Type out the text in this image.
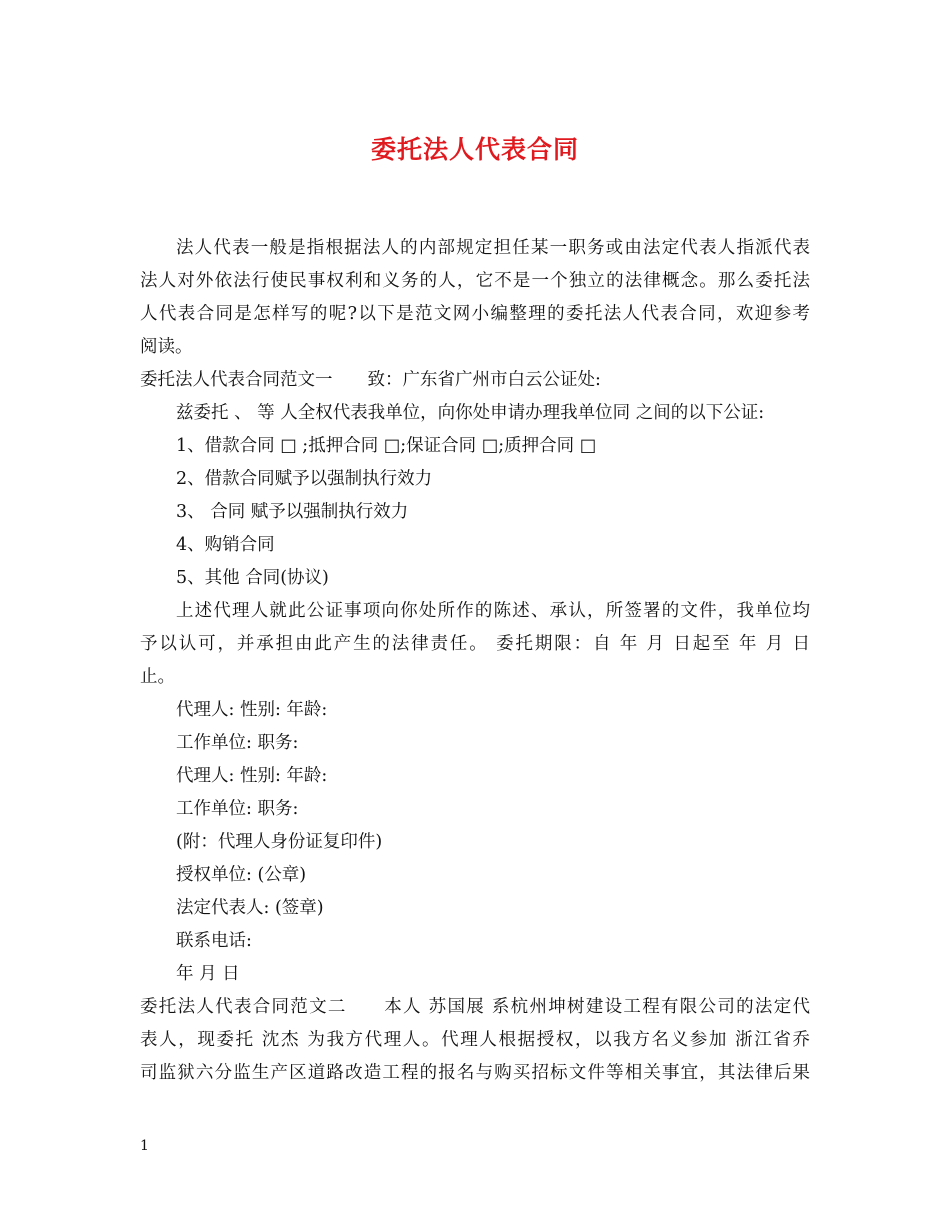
委托法人代表合同
法人代表一般是指根据法人的内部规定担任某一职务或由法定代表人指派代表
法人对外依法行使民事权利和义务的人，它不是一个独立的法律概念。那么委托法
人代表合同是怎样写的呢?以下是范文网小编整理的委托法人代表合同，欢迎参考
阅读。
委托法人代表合同范文一　　致：广东省广州市白云公证处:
兹委托 、 等 人全权代表我单位，向你处申请办理我单位同 之间的以下公证:
1、借款合同 □ ;抵押合同 □;保证合同 □;质押合同 □
2、借款合同赋予以强制执行效力
3、 合同 赋予以强制执行效力
4、购销合同
5、其他 合同(协议)
上述代理人就此公证事项向你处所作的陈述、承认，所签署的文件，我单位均
予以认可，并承担由此产生的法律责任。 委托期限：自 年 月 日起至 年 月 日
止。
代理人: 性别: 年龄:
工作单位: 职务:
代理人: 性别: 年龄:
工作单位: 职务:
(附：代理人身份证复印件)
授权单位: (公章)
法定代表人: (签章)
联系电话:
年 月 日
委托法人代表合同范文二　　本人 苏国展 系杭州坤树建设工程有限公司的法定代
表人，现委托 沈杰 为我方代理人。代理人根据授权，以我方名义参加 浙江省乔
司监狱六分监生产区道路改造工程的报名与购买招标文件等相关事宜，其法律后果
1
